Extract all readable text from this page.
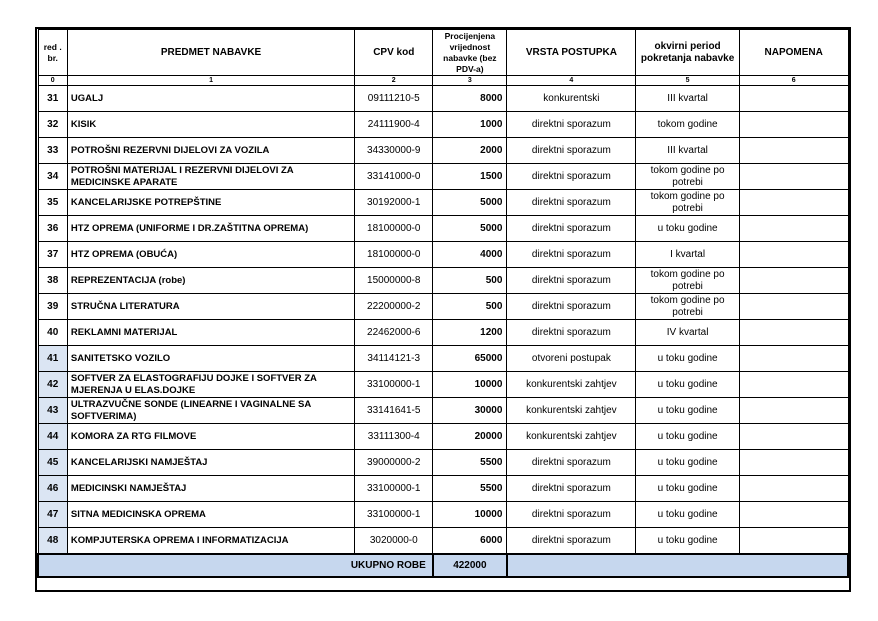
red . br.	PREDMET NABAVKE	CPV kod	Procijenjena vrijednost nabavke (bez PDV-a)	VRSTA POSTUPKA	okvirni period pokretanja nabavke	NAPOMENA
0	1	2	3	4	5	6
31	UGALJ	09111210-5	8000	konkurentski	III kvartal	
32	KISIK	24111900-4	1000	direktni sporazum	tokom godine	
33	POTROŠNI REZERVNI DIJELOVI ZA VOZILA	34330000-9	2000	direktni sporazum	III kvartal	
34	POTROŠNI MATERIJAL I REZERVNI DIJELOVI ZA MEDICINSKE APARATE	33141000-0	1500	direktni sporazum	tokom godine po potrebi	
35	KANCELARIJSKE POTREPŠTINE	30192000-1	5000	direktni sporazum	tokom godine po potrebi	
36	HTZ OPREMA (UNIFORME I DR.ZAŠTITNA OPREMA)	18100000-0	5000	direktni sporazum	u toku godine	
37	HTZ OPREMA (OBUĆA)	18100000-0	4000	direktni sporazum	I kvartal	
38	REPREZENTACIJA (robe)	15000000-8	500	direktni sporazum	tokom godine po potrebi	
39	STRUČNA LITERATURA	22200000-2	500	direktni sporazum	tokom godine po potrebi	
40	REKLAMNI MATERIJAL	22462000-6	1200	direktni sporazum	IV kvartal	
41	SANITETSKO VOZILO	34114121-3	65000	otvoreni postupak	u toku godine	
42	SOFTVER ZA ELASTOGRAFIJU DOJKE I SOFTVER ZA MJERENJA U ELAS.DOJKE	33100000-1	10000	konkurentski zahtjev	u toku godine	
43	ULTRAZVUČNE SONDE (LINEARNE I VAGINALNE SA SOFTVERIMA)	33141641-5	30000	konkurentski zahtjev	u toku godine	
44	KOMORA ZA RTG FILMOVE	33111300-4	20000	konkurentski zahtjev	u toku godine	
45	KANCELARIJSKI NAMJEŠTAJ	39000000-2	5500	direktni sporazum	u toku godine	
46	MEDICINSKI NAMJEŠTAJ	33100000-1	5500	direktni sporazum	u toku godine	
47	SITNA MEDICINSKA OPREMA	33100000-1	10000	direktni sporazum	u toku godine	
48	KOMPJUTERSKA OPREMA I INFORMATIZACIJA	3020000-0	6000	direktni sporazum	u toku godine	
UKUPNO ROBE			422000			
